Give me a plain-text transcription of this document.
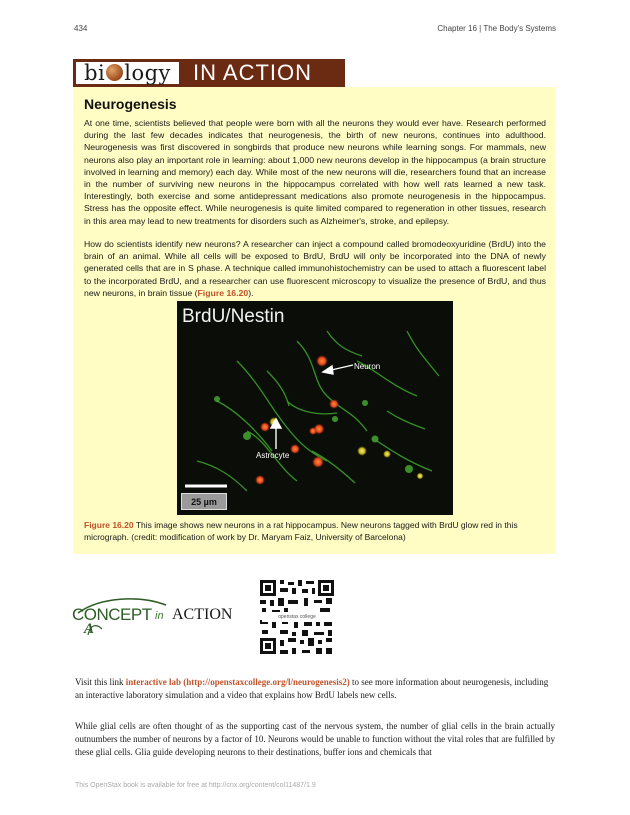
434	Chapter 16 | The Body's Systems
bi logy	IN ACTION
Neurogenesis

At one time, scientists believed that people were born with all the neurons they would ever have. Research performed during the last few decades indicates that neurogenesis, the birth of new neurons, continues into adulthood. Neurogenesis was first discovered in songbirds that produce new neurons while learning songs. For mammals, new neurons also play an important role in learning: about 1,000 new neurons develop in the hippocampus (a brain structure involved in learning and memory) each day. While most of the new neurons will die, researchers found that an increase in the number of surviving new neurons in the hippocampus correlated with how well rats learned a new task. Interestingly, both exercise and some antidepressant medications also promote neurogenesis in the hippocampus. Stress has the opposite effect. While neurogenesis is quite limited compared to regeneration in other tissues, research in this area may lead to new treatments for disorders such as Alzheimer's, stroke, and epilepsy.

How do scientists identify new neurons? A researcher can inject a compound called bromodeoxyuridine (BrdU) into the brain of an animal. While all cells will be exposed to BrdU, BrdU will only be incorporated into the DNA of newly generated cells that are in S phase. A technique called immunohistochemistry can be used to attach a fluorescent label to the incorporated BrdU, and a researcher can use fluorescent microscopy to visualize the presence of BrdU, and thus new neurons, in brain tissue (Figure 16.20).

BrdU/Nestin
Neuron
Astrocyte
25 µm

Figure 16.20 This image shows new neurons in a rat hippocampus. New neurons tagged with BrdU glow red in this micrograph. (credit: modification of work by Dr. Maryam Faiz, University of Barcelona)

CONCEPT in ACTION
A
openstax college

Visit this link interactive lab (http://openstaxcollege.org/l/neurogenesis2) to see more information about neurogenesis, including an interactive laboratory simulation and a video that explains how BrdU labels new cells.

While glial cells are often thought of as the supporting cast of the nervous system, the number of glial cells in the brain actually outnumbers the number of neurons by a factor of 10. Neurons would be unable to function without the vital roles that are fulfilled by these glial cells. Glia guide developing neurons to their destinations, buffer ions and chemicals that

This OpenStax book is available for free at http://cnx.org/content/col11487/1.9
